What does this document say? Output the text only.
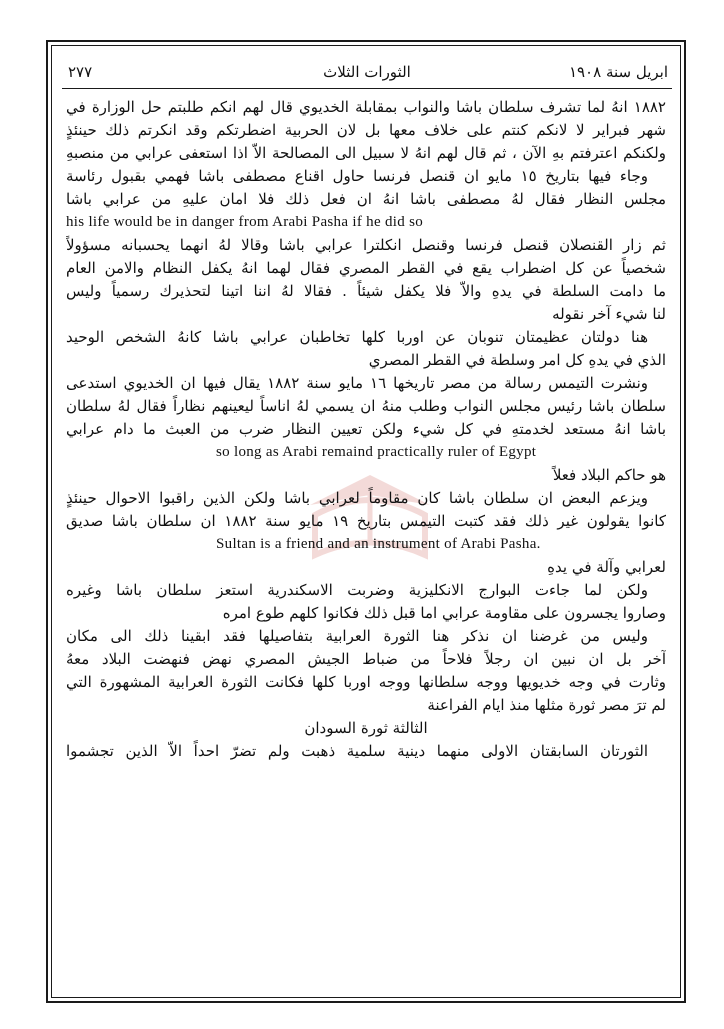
ابريل سنة ١٩٠٨
الثورات الثلاث
٢٧٧
١٨٨٢ انهُ لما تشرف سلطان باشا والنواب بمقابلة الخديوي قال لهم انكم طلبتم حل الوزارة في
شهر فبراير لا لانكم كنتم على خلاف معها بل لان الحربية اضطرتكم وقد انكرتم ذلك حينئذٍ
ولكنكم اعترفتم بهِ الآن ، ثم قال لهم انهُ لا سبيل الى المصالحة الاّ اذا استعفى عرابي من منصبهِ
وجاء فيها بتاريخ ١٥ مايو ان قنصل فرنسا حاول اقناع مصطفى باشا فهمي بقبول رئاسة
مجلس النظار فقال لهُ مصطفى باشا انهُ ان فعل ذلك فلا امان عليهِ من عرابي باشا
his life would be in danger from Arabi Pasha if he did so
ثم زار القنصلان قنصل فرنسا وقنصل انكلترا عرابي باشا وقالا لهُ انهما يحسبانه مسؤولاً
شخصياً عن كل اضطراب يقع في القطر المصري فقال لهما انهُ يكفل النظام والامن العام
ما دامت السلطة في يدهِ والاّ فلا يكفل شيئاً . فقالا لهُ اننا اتينا لتحذيرك رسمياً وليس
لنا شيء آخر نقوله
هنا دولتان عظيمتان تنوبان عن اوربا كلها تخاطبان عرابي باشا كانهُ الشخص الوحيد
الذي في يدهِ كل امر وسلطة في القطر المصري
ونشرت التيمس رسالة من مصر تاريخها ١٦ مايو سنة ١٨٨٢ يقال فيها ان الخديوي استدعى
سلطان باشا رئيس مجلس النواب وطلب منهُ ان يسمي لهُ اناساً ليعينهم نظاراً فقال لهُ سلطان
باشا انهُ مستعد لخدمتهِ في كل شيء ولكن تعيين النظار ضرب من العبث ما دام عرابي
so long as Arabi remaind practically ruler of Egypt
هو حاكم البلاد فعلاً
ويزعم البعض ان سلطان باشا كان مقاوماً لعرابي باشا ولكن الذين راقبوا الاحوال حينئذٍ
كانوا يقولون غير ذلك فقد كتبت التيمس بتاريخ ١٩ مايو سنة ١٨٨٢ ان سلطان باشا صديق
Sultan is a friend and an instrument of Arabi Pasha.
لعرابي وآلة في يدهِ
ولكن لما جاءت البوارج الانكليزية وضربت الاسكندرية استعز سلطان باشا وغيره
وصاروا يجسرون على مقاومة عرابي اما قبل ذلك فكانوا كلهم طوع امره
وليس من غرضنا ان نذكر هنا الثورة العرابية بتفاصيلها فقد ابقينا ذلك الى مكان
آخر بل ان نبين ان رجلاً فلاحاً من ضباط الجيش المصري نهض فنهضت البلاد معهُ
وثارت في وجه خديويها ووجه سلطانها ووجه اوربا كلها فكانت الثورة العرابية المشهورة التي
لم ترَ مصر ثورة مثلها منذ ايام الفراعنة
الثالثة ثورة السودان
الثورتان السابقتان الاولى منهما دينية سلمية ذهبت ولم تضرّ احداً الاّ الذين تجشموا
